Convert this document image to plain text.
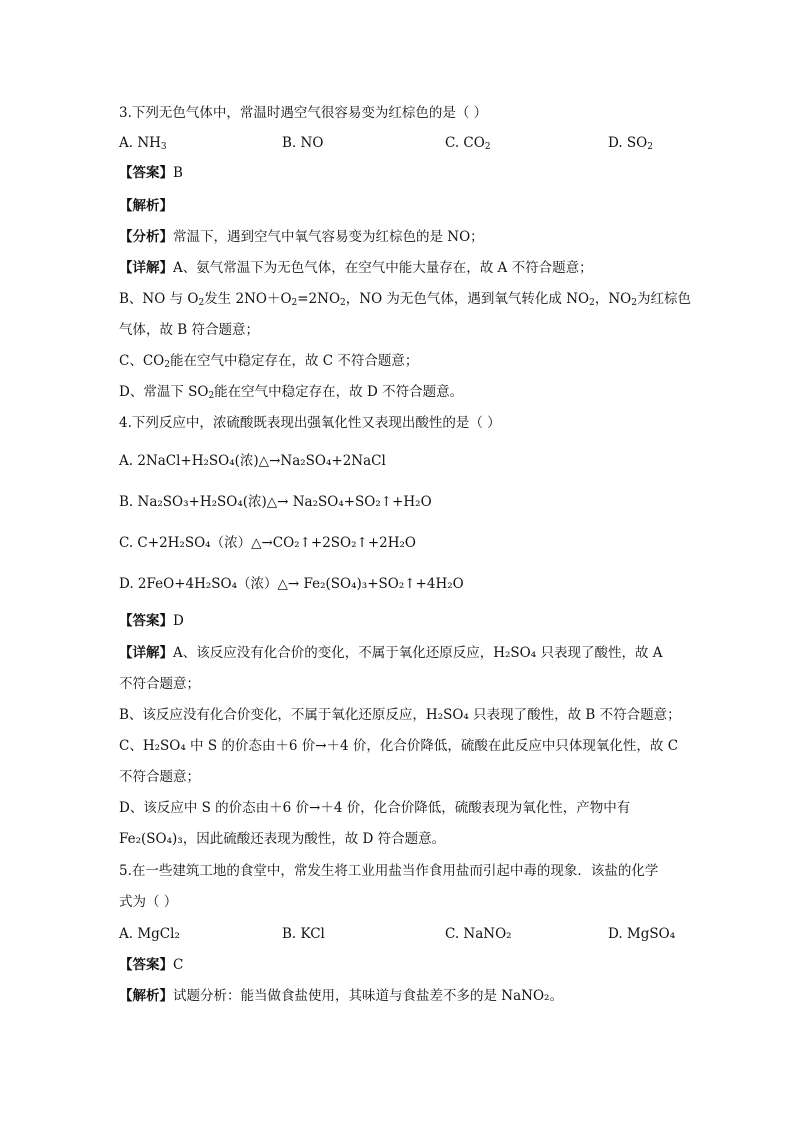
3.下列无色气体中，常温时遇空气很容易变为红棕色的是（ ）
A. $NH_3$	B. NO	C. $CO_2$	D. $SO_2$
【答案】B
【解析】
【分析】常温下，遇到空气中氧气容易变为红棕色的是 NO；
【详解】A、氨气常温下为无色气体，在空气中能大量存在，故 A 不符合题意；
B、NO 与 $O_2$发生 $2NO+O_2=2NO_2$，NO 为无色气体，遇到氧气转化成 $NO_2$，$NO_2$为红棕色
气体，故 B 符合题意；
C、$CO_2$能在空气中稳定存在，故 C 不符合题意；
D、常温下 $SO_2$能在空气中稳定存在，故 D 不符合题意。
4.下列反应中，浓硫酸既表现出强氧化性又表现出酸性的是（ ）
A. 2NaCl+H₂SO₄(浓)△→Na₂SO₄+2NaCl
B. Na₂SO₃+H₂SO₄(浓)△→ Na₂SO₄+SO₂↑+H₂O
C. C+2H₂SO₄（浓）△→CO₂↑+2SO₂↑+2H₂O
D. 2FeO+4H₂SO₄（浓）△→ Fe₂(SO₄)₃+SO₂↑+4H₂O
【答案】D
【详解】A、该反应没有化合价的变化，不属于氧化还原反应，H₂SO₄ 只表现了酸性，故 A
不符合题意；
B、该反应没有化合价变化，不属于氧化还原反应，H₂SO₄ 只表现了酸性，故 B 不符合题意；
C、H₂SO₄ 中 S 的价态由＋6 价→＋4 价，化合价降低，硫酸在此反应中只体现氧化性，故 C
不符合题意；
D、该反应中 S 的价态由＋6 价→＋4 价，化合价降低，硫酸表现为氧化性，产物中有
Fe₂(SO₄)₃，因此硫酸还表现为酸性，故 D 符合题意。
5.在一些建筑工地的食堂中，常发生将工业用盐当作食用盐而引起中毒的现象．该盐的化学
式为（ ）
A. MgCl₂	B. KCl	C. NaNO₂	D. MgSO₄
【答案】C
【解析】试题分析：能当做食盐使用，其味道与食盐差不多的是 NaNO₂。
